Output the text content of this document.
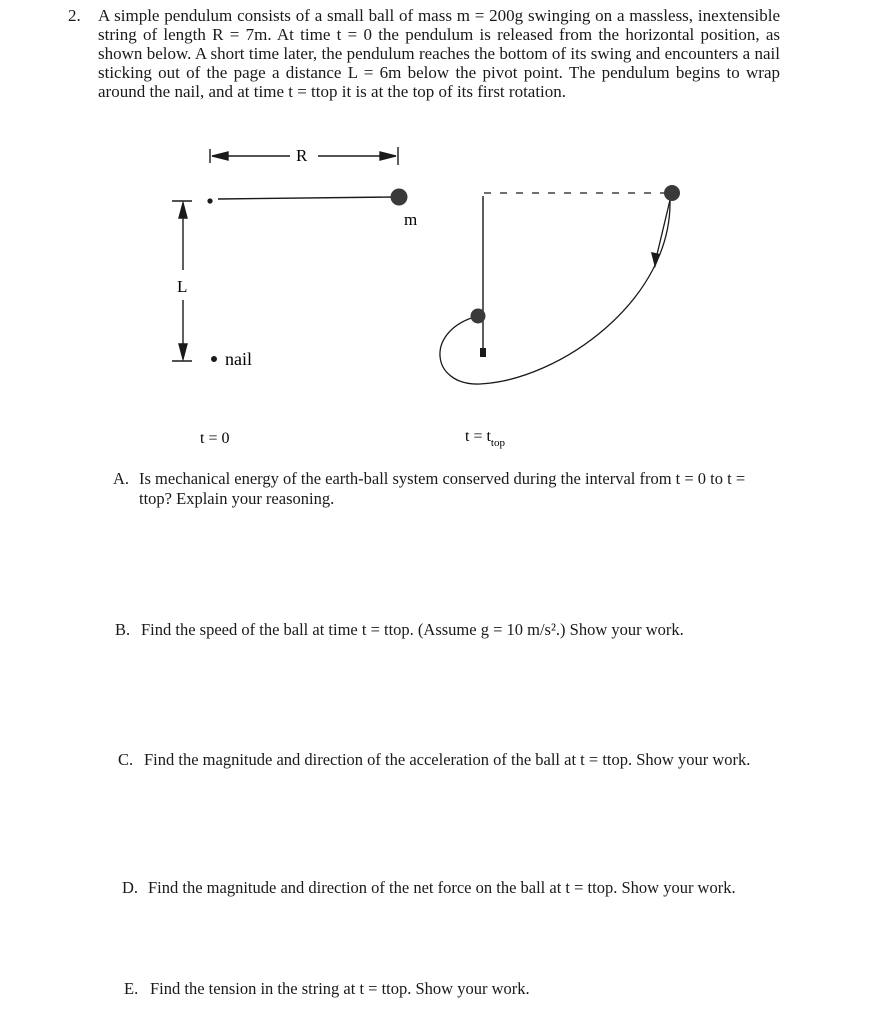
2. A simple pendulum consists of a small ball of mass m = 200g swinging on a massless, inextensible string of length R = 7m. At time t = 0 the pendulum is released from the horizontal position, as shown below. A short time later, the pendulum reaches the bottom of its swing and encounters a nail sticking out of the page a distance L = 6m below the pivot point. The pendulum begins to wrap around the nail, and at time t = ttop it is at the top of its first rotation.
R
m
L
nail
t = 0	$t = t_{top}$
A. Is mechanical energy of the earth-ball system conserved during the interval from t = 0 to t =
ttop? Explain your reasoning.
B. Find the speed of the ball at time t = ttop. (Assume g = 10 m/s².) Show your work.
C. Find the magnitude and direction of the acceleration of the ball at t = ttop. Show your work.
D. Find the magnitude and direction of the net force on the ball at t = ttop. Show your work.
E. Find the tension in the string at t = ttop. Show your work.
